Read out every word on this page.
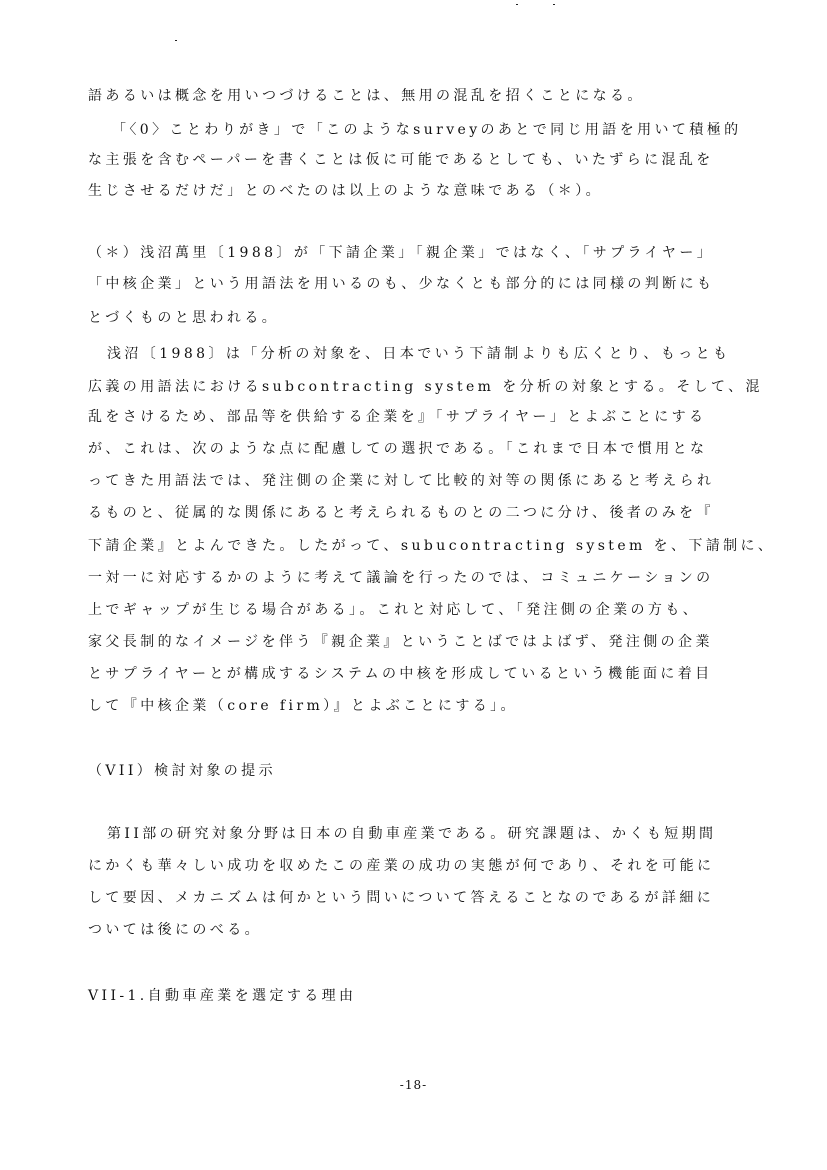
語あるいは概念を用いつづけることは、無用の混乱を招くことになる。
「〈0〉ことわりがき」で「このようなsurveyのあとで同じ用語を用いて積極的
な主張を含むペーパーを書くことは仮に可能であるとしても、いたずらに混乱を
生じさせるだけだ」とのべたのは以上のような意味である（＊）。
（＊）浅沼萬里〔1988〕が「下請企業」「親企業」ではなく、「サプライヤー」
「中核企業」という用語法を用いるのも、少なくとも部分的には同様の判断にも
とづくものと思われる。
浅沼〔1988〕は「分析の対象を、日本でいう下請制よりも広くとり、もっとも
広義の用語法におけるsubcontracting system を分析の対象とする。そして、混
乱をさけるため、部品等を供給する企業を』「サプライヤー」とよぶことにする
が、これは、次のような点に配慮しての選択である。「これまで日本で慣用とな
ってきた用語法では、発注側の企業に対して比較的対等の関係にあると考えられ
るものと、従属的な関係にあると考えられるものとの二つに分け、後者のみを『
下請企業』とよんできた。したがって、subucontracting system を、下請制に、
一対一に対応するかのように考えて議論を行ったのでは、コミュニケーションの
上でギャップが生じる場合がある」。これと対応して、「発注側の企業の方も、
家父長制的なイメージを伴う『親企業』ということばではよばず、発注側の企業
とサプライヤーとが構成するシステムの中核を形成しているという機能面に着目
して『中核企業（core firm）』とよぶことにする」。
（VII）検討対象の提示
第II部の研究対象分野は日本の自動車産業である。研究課題は、かくも短期間
にかくも華々しい成功を収めたこの産業の成功の実態が何であり、それを可能に
して要因、メカニズムは何かという問いについて答えることなのであるが詳細に
ついては後にのべる。
VII-1.自動車産業を選定する理由
-18-
